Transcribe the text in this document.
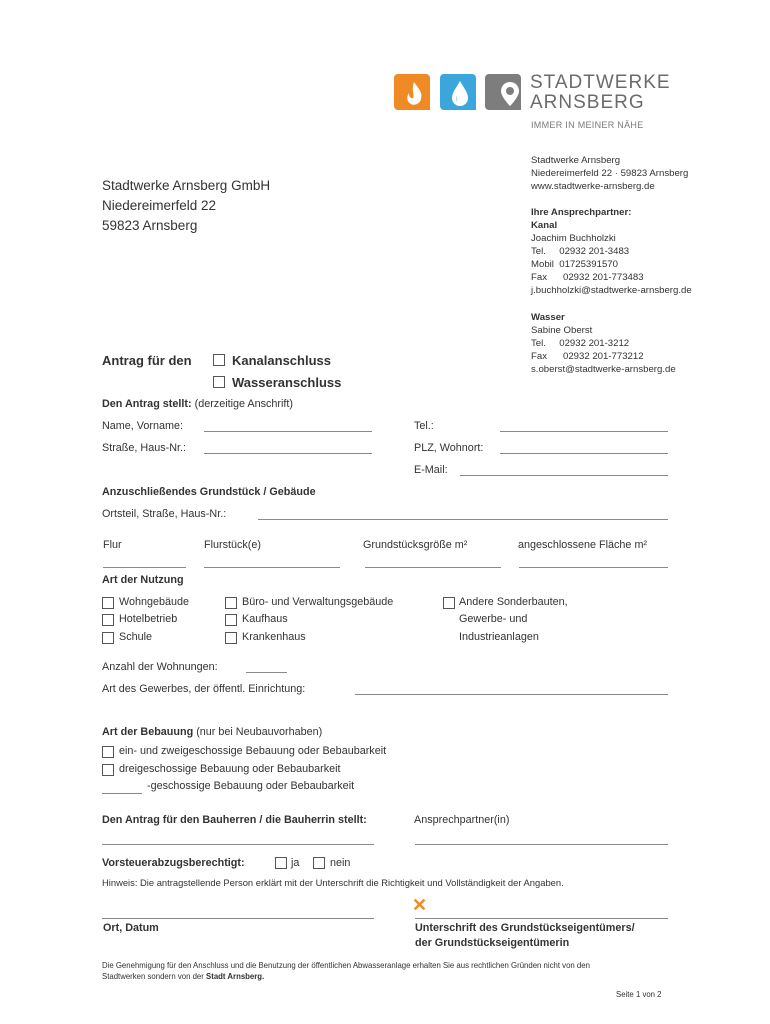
STADTWERKE
ARNSBERG
IMMER IN MEINER NÄHE
Stadtwerke Arnsberg
Niedereimerfeld 22 · 59823 Arnsberg
www.stadtwerke-arnsberg.de
Ihre Ansprechpartner:
Kanal
Joachim Buchholzki
Tel.     02932 201-3483
Mobil  01725391570
Fax      02932 201-773483
j.buchholzki@stadtwerke-arnsberg.de
Wasser
Sabine Oberst
Tel.     02932 201-3212
Fax      02932 201-773212
s.oberst@stadtwerke-arnsberg.de
Stadtwerke Arnsberg GmbH
Niedereimerfeld 22
59823 Arnsberg
Antrag für den	Kanalanschluss
Wasseranschluss
Den Antrag stellt: (derzeitige Anschrift)
Name, Vorname:	Tel.:
Straße, Haus-Nr.:	PLZ, Wohnort:
E-Mail:
Anzuschließendes Grundstück / Gebäude
Ortsteil, Straße, Haus-Nr.:
Flur	Flurstück(e)	Grundstücksgröße m²	angeschlossene Fläche m²
Art der Nutzung
Wohngebäude
Hotelbetrieb
Schule
Büro- und Verwaltungsgebäude
Kaufhaus
Krankenhaus
Andere Sonderbauten,
Gewerbe- und
Industrieanlagen
Anzahl der Wohnungen:
Art des Gewerbes, der öffentl. Einrichtung:
Art der Bebauung (nur bei Neubauvorhaben)
ein- und zweigeschossige Bebauung oder Bebaubarkeit
dreigeschossige Bebauung oder Bebaubarkeit
-geschossige Bebauung oder Bebaubarkeit
Den Antrag für den Bauherren / die Bauherrin stellt:	Ansprechpartner(in)
Vorsteuerabzugsberechtigt:	ja	nein
Hinweis: Die antragstellende Person erklärt mit der Unterschrift die Richtigkeit und Vollständigkeit der Angaben.
✕
Ort, Datum	Unterschrift des Grundstückseigentümers/
der Grundstückseigentümerin
Die Genehmigung für den Anschluss und die Benutzung der öffentlichen Abwasseranlage erhalten Sie aus rechtlichen Gründen nicht von den
Stadtwerken sondern von der Stadt Arnsberg.
Seite 1 von 2
